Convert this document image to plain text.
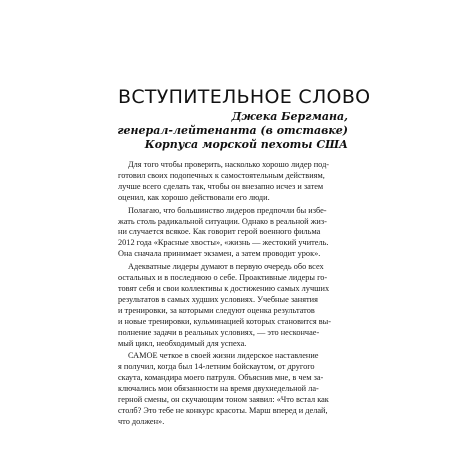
ВСТУПИТЕЛЬНОЕ СЛОВО
Джека Бергмана,
генерал-лейтенанта (в отставке)
Корпуса морской пехоты США

Для того чтобы проверить, насколько хорошо лидер под-
готовил своих подопечных к самостоятельным действиям,
лучше всего сделать так, чтобы он внезапно исчез и затем
оценил, как хорошо действовали его люди.

Полагаю, что большинство лидеров предпочли бы избе-
жать столь радикальной ситуации. Однако в реальной жиз-
ни случается всякое. Как говорит герой военного фильма
2012 года «Красные хвосты», «жизнь — жестокий учитель.
Она сначала принимает экзамен, а затем проводит урок».

Адекватные лидеры думают в первую очередь обо всех
остальных и в последнюю о себе. Проактивные лидеры го-
товят себя и свои коллективы к достижению самых лучших
результатов в самых худших условиях. Учебные занятия
и тренировки, за которыми следуют оценка результатов
и новые тренировки, кульминацией которых становится вы-
полнение задачи в реальных условиях, — это нескончае-
мый цикл, необходимый для успеха.

САМОЕ четкое в своей жизни лидерское наставление
я получил, когда был 14-летним бойскаутом, от другого
скаута, командира моего патруля. Объяснив мне, в чем за-
ключались мои обязанности на время двухнедельной ла-
герной смены, он скучающим тоном заявил: «Что встал как
столб? Это тебе не конкурс красоты. Марш вперед и делай,
что должен».
